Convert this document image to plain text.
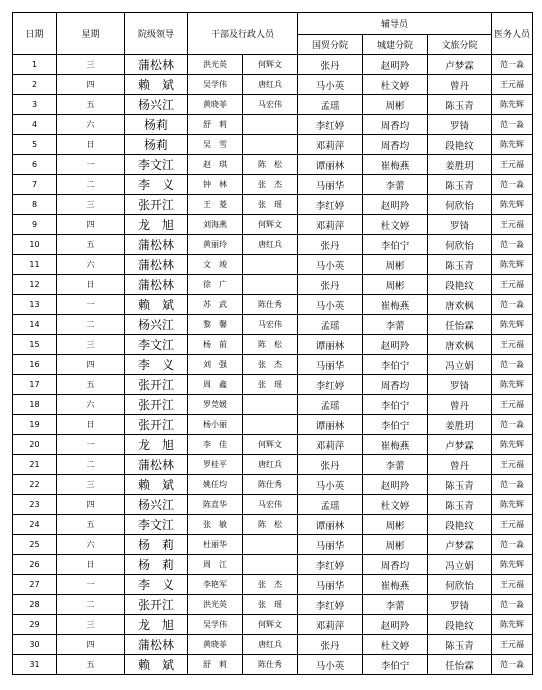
日期	星期	院级领导	干部及行政人员		辅导员			医务人员
					国贸分院	城建分院	文旅分院	
1	三	蒲松林	洪光英	何辉文	张丹	赵明羚	卢梦霖	范一淼
2	四	赖　斌	吴学伟	唐红兵	马小英	杜文婷	曾丹	王元福
3	五	杨兴江	黄晓菲	马宏伟	孟瑶	周彬	陈玉青	陈先辉
4	六	杨莉	舒　莉		李红婷	周香均	罗锜	范一淼
5	日	杨莉	吴　雪		邓莉萍	周香均	段艳纹	陈先辉
6	一	李文江	赵　琪	陈　松	谭丽林	崔梅燕	姜胜玥	王元福
7	二	李　义	钟　林	张　杰	马丽华	李蕾	陈玉青	范一淼
8	三	张开江	王　菱	张　瑶	李红婷	赵明羚	何欣怡	陈先辉
9	四	龙　旭	刘海燕	何辉文	邓莉萍	杜文婷	罗锜	王元福
10	五	蒲松林	黄丽玲	唐红兵	张丹	李伯宁	何欣怡	范一淼
11	六	蒲松林	文　竣		马小英	周彬	陈玉青	陈先辉
12	日	蒲松林	徐　广		张丹	周彬	段艳纹	王元福
13	一	赖　斌	苏　武	陈仕秀	马小英	崔梅燕	唐欢枫	范一淼
14	二	杨兴江	黎　馨	马宏伟	孟瑶	李蕾	任怡霖	陈先辉
15	三	李文江	杨　前	陈　松	谭丽林	赵明羚	唐欢枫	王元福
16	四	李　义	刘　强	张　杰	马丽华	李伯宁	冯立娟	范一淼
17	五	张开江	周　鑫	张　瑶	李红婷	周香均	罗锜	陈先辉
18	六	张开江	罗莞媛		孟瑶	李伯宁	曾丹	王元福
19	日	张开江	杨小丽		谭丽林	李伯宁	姜胜玥	范一淼
20	一	龙　旭	李　佳	何辉文	邓莉萍	崔梅燕	卢梦霖	陈先辉
21	二	蒲松林	罗桂平	唐红兵	张丹	李蕾	曾丹	王元福
22	三	赖　斌	姚任均	陈仕秀	马小英	赵明羚	陈玉青	范一淼
23	四	杨兴江	陈直华	马宏伟	孟瑶	杜文婷	陈玉青	陈先辉
24	五	李文江	张　敏	陈　松	谭丽林	周彬	段艳纹	王元福
25	六	杨　莉	杜丽华		马丽华	周彬	卢梦霖	范一淼
26	日	杨　莉	周　江		李红婷	周香均	冯立娟	陈先辉
27	一	李　义	李艳军	张　杰	马丽华	崔梅燕	何欣怡	王元福
28	二	张开江	洪光英	张　瑶	李红婷	李蕾	罗锜	范一淼
29	三	龙　旭	吴学伟	何辉文	邓莉萍	赵明羚	段艳纹	陈先辉
30	四	蒲松林	黄晓菲	唐红兵	张丹	杜文婷	陈玉青	王元福
31	五	赖　斌	舒　莉	陈仕秀	马小英	李伯宁	任怡霖	范一淼
